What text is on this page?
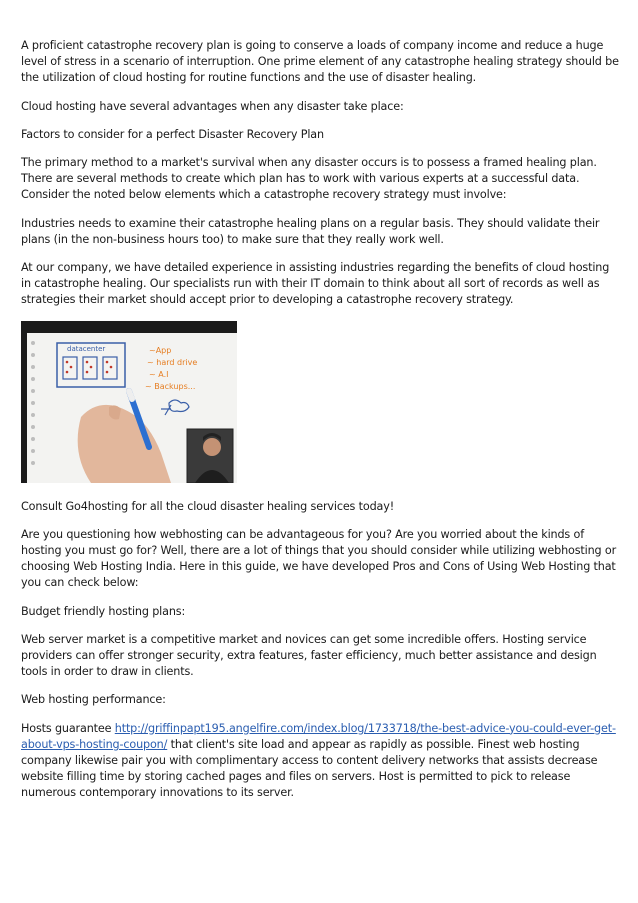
A proficient catastrophe recovery plan is going to conserve a loads of company income and reduce a huge level of stress in a scenario of interruption. One prime element of any catastrophe healing strategy should be the utilization of cloud hosting for routine functions and the use of disaster healing.

Cloud hosting have several advantages when any disaster take place:

Factors to consider for a perfect Disaster Recovery Plan

The primary method to a market's survival when any disaster occurs is to possess a framed healing plan. There are several methods to create which plan has to work with various experts at a successful data. Consider the noted below elements which a catastrophe recovery strategy must involve:

Industries needs to examine their catastrophe healing plans on a regular basis. They should validate their plans (in the non-business hours too) to make sure that they really work well.

At our company, we have detailed experience in assisting industries regarding the benefits of cloud hosting in catastrophe healing. Our specialists run with their IT domain to think about all sort of records as well as strategies their market should accept prior to developing a catastrophe recovery strategy.

datacenter	~App
~ hard drive
~ A.I
~ Backups...

Consult Go4hosting for all the cloud disaster healing services today!

Are you questioning how webhosting can be advantageous for you? Are you worried about the kinds of hosting you must go for? Well, there are a lot of things that you should consider while utilizing webhosting or choosing Web Hosting India. Here in this guide, we have developed Pros and Cons of Using Web Hosting that you can check below:

Budget friendly hosting plans:

Web server market is a competitive market and novices can get some incredible offers. Hosting service providers can offer stronger security, extra features, faster efficiency, much better assistance and design tools in order to draw in clients.

Web hosting performance:

Hosts guarantee http://griffinpapt195.angelfire.com/index.blog/1733718/the-best-advice-you-could-ever-get-about-vps-hosting-coupon/ that client's site load and appear as rapidly as possible. Finest web hosting company likewise pair you with complimentary access to content delivery networks that assists decrease website filling time by storing cached pages and files on servers. Host is permitted to pick to release numerous contemporary innovations to its server.
